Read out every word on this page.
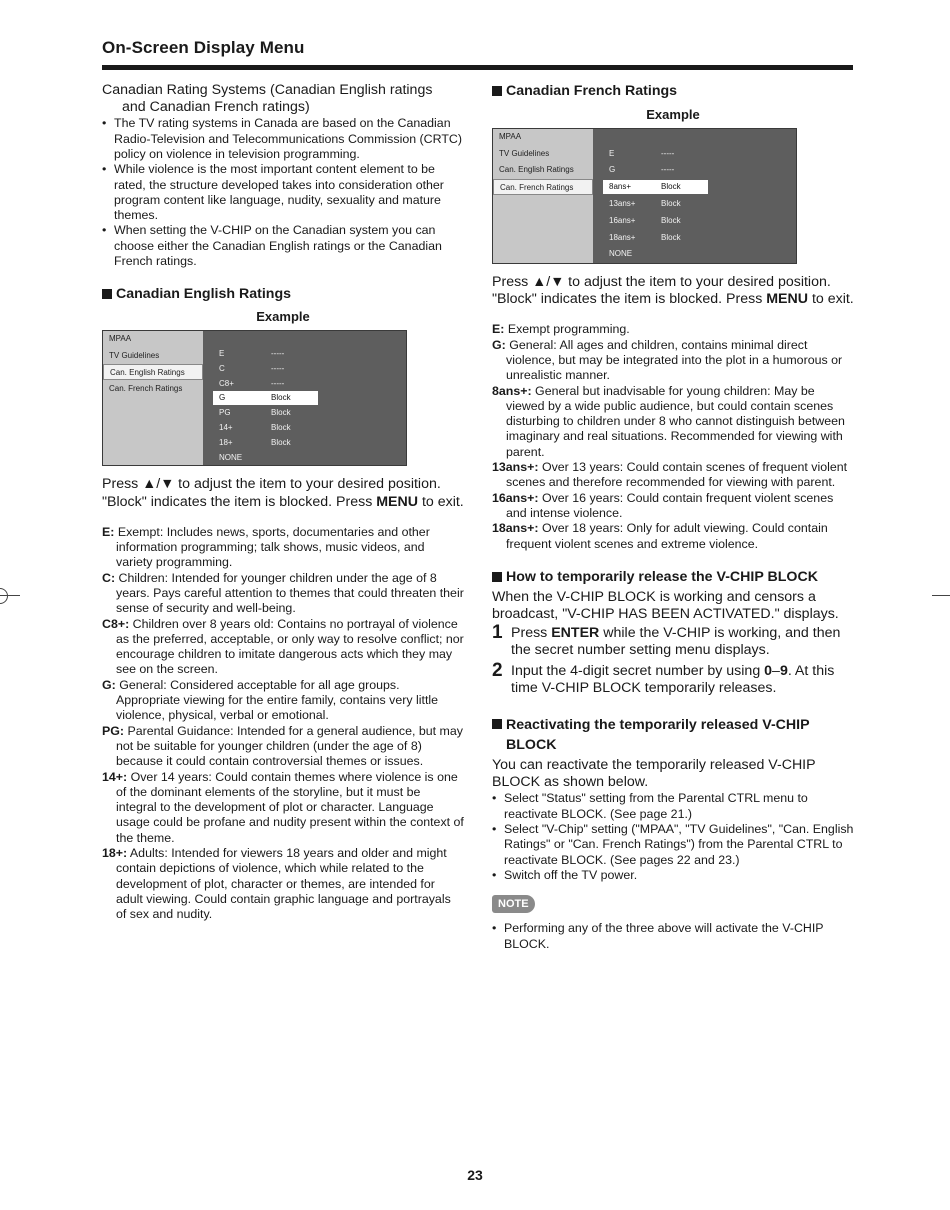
On-Screen Display Menu
Canadian Rating Systems (Canadian English ratings
and Canadian French ratings)
• The TV rating systems in Canada are based on the Canadian Radio-Television and Telecommunications Commission (CRTC) policy on violence in television programming.
• While violence is the most important content element to be rated, the structure developed takes into consideration other program content like language, nudity, sexuality and mature themes.
• When setting the V-CHIP on the Canadian system you can choose either the Canadian English ratings or the Canadian French ratings.
Canadian English Ratings
Example
MPAA
TV Guidelines
Can. English Ratings
Can. French Ratings
E	-----
C	-----
C8+	-----
G	Block
PG	Block
14+	Block
18+	Block
NONE
Press ▲/▼ to adjust the item to your desired position. "Block" indicates the item is blocked. Press MENU to exit.

E: Exempt: Includes news, sports, documentaries and other information programming; talk shows, music videos, and variety programming.

C: Children: Intended for younger children under the age of 8 years. Pays careful attention to themes that could threaten their sense of security and well-being.

C8+: Children over 8 years old: Contains no portrayal of violence as the preferred, acceptable, or only way to resolve conflict; nor encourage children to imitate dangerous acts which they may see on the screen.

G: General: Considered acceptable for all age groups. Appropriate viewing for the entire family, contains very little violence, physical, verbal or emotional.

PG: Parental Guidance: Intended for a general audience, but may not be suitable for younger children (under the age of 8) because it could contain controversial themes or issues.

14+: Over 14 years: Could contain themes where violence is one of the dominant elements of the storyline, but it must be integral to the development of plot or character. Language usage could be profane and nudity present within the context of the theme.

18+: Adults: Intended for viewers 18 years and older and might contain depictions of violence, which while related to the development of plot, character or themes, are intended for adult viewing. Could contain graphic language and portrayals of sex and nudity.

Canadian French Ratings
Example
MPAA
TV Guidelines
Can. English Ratings
Can. French Ratings
E	-----
G	-----
8ans+	Block
13ans+	Block
16ans+	Block
18ans+	Block
NONE
Press ▲/▼ to adjust the item to your desired position. "Block" indicates the item is blocked. Press MENU to exit.

E: Exempt programming.

G: General: All ages and children, contains minimal direct violence, but may be integrated into the plot in a humorous or unrealistic manner.

8ans+: General but inadvisable for young children: May be viewed by a wide public audience, but could contain scenes disturbing to children under 8 who cannot distinguish between imaginary and real situations. Recommended for viewing with parent.

13ans+: Over 13 years: Could contain scenes of frequent violent scenes and therefore recommended for viewing with parent.

16ans+: Over 16 years: Could contain frequent violent scenes and intense violence.

18ans+: Over 18 years: Only for adult viewing. Could contain frequent violent scenes and extreme violence.

How to temporarily release the V-CHIP BLOCK
When the V-CHIP BLOCK is working and censors a broadcast, "V-CHIP HAS BEEN ACTIVATED." displays.
1 Press ENTER while the V-CHIP is working, and then the secret number setting menu displays.
2 Input the 4-digit secret number by using 0–9. At this time V-CHIP BLOCK temporarily releases.
Reactivating the temporarily released V-CHIP
BLOCK
You can reactivate the temporarily released V-CHIP BLOCK as shown below.
• Select "Status" setting from the Parental CTRL menu to reactivate BLOCK. (See page 21.)
• Select "V-Chip" setting ("MPAA", "TV Guidelines", "Can. English Ratings" or "Can. French Ratings") from the Parental CTRL to reactivate BLOCK. (See pages 22 and 23.)
• Switch off the TV power.
NOTE
• Performing any of the three above will activate the V-CHIP BLOCK.
23
